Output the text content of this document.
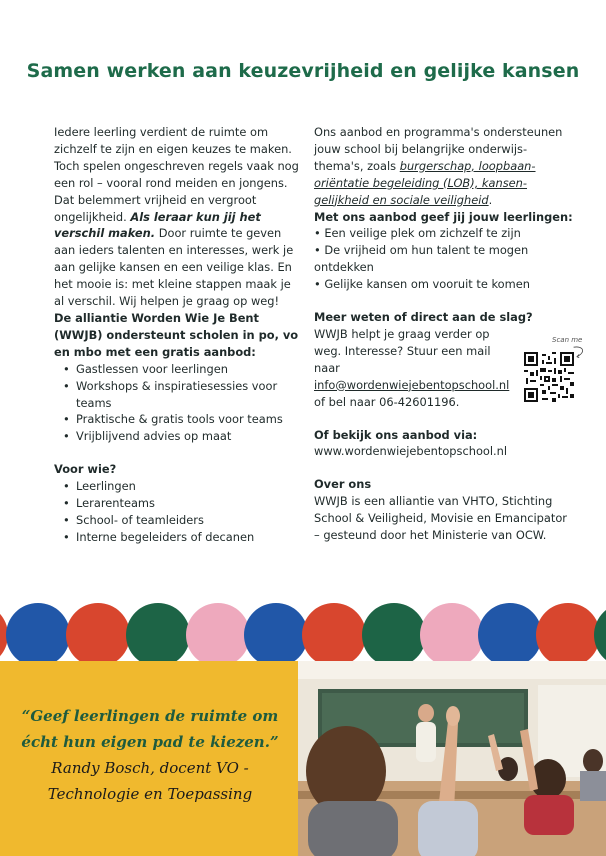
Samen werken aan keuzevrijheid en gelijke kansen

Iedere leerling verdient de ruimte om zichzelf te zijn en eigen keuzes te maken. Toch spelen ongeschreven regels vaak nog een rol – vooral rond meiden en jongens. Dat belemmert vrijheid en vergroot ongelijkheid. Als leraar kun jij het verschil maken. Door ruimte te geven aan ieders talenten en interesses, werk je aan gelijke kansen en een veilige klas. En het mooie is: met kleine stappen maak je al verschil. Wij helpen je graag op weg!

De alliantie Worden Wie Je Bent (WWJB) ondersteunt scholen in po, vo en mbo met een gratis aanbod:

• Gastlessen voor leerlingen
• Workshops & inspiratiesessies voor teams
• Praktische & gratis tools voor teams
• Vrijblijvend advies op maat

Voor wie?

• Leerlingen
• Lerarenteams
• School- of teamleiders
• Interne begeleiders of decanen

Ons aanbod en programma's ondersteunen jouw school bij belangrijke onderwijs-thema's, zoals burgerschap, loopbaan-oriëntatie begeleiding (LOB), kansen-gelijkheid en sociale veiligheid.

Met ons aanbod geef jij jouw leerlingen:

• Een veilige plek om zichzelf te zijn
• De vrijheid om hun talent te mogen ontdekken
• Gelijke kansen om vooruit te komen

Meer weten of direct aan de slag?

WWJB helpt je graag verder op weg. Interesse? Stuur een mail naar info@wordenwiejebentopschool.nl of bel naar 06-42601196.

Of bekijk ons aanbod via:

www.wordenwiejebentopschool.nl

Over ons

WWJB is een alliantie van VHTO, Stichting School & Veiligheid, Movisie en Emancipator – gesteund door het Ministerie van OCW.

Scan me
“Geef leerlingen de ruimte om écht hun eigen pad te kiezen.”
Randy Bosch, docent VO - Technologie en Toepassing
